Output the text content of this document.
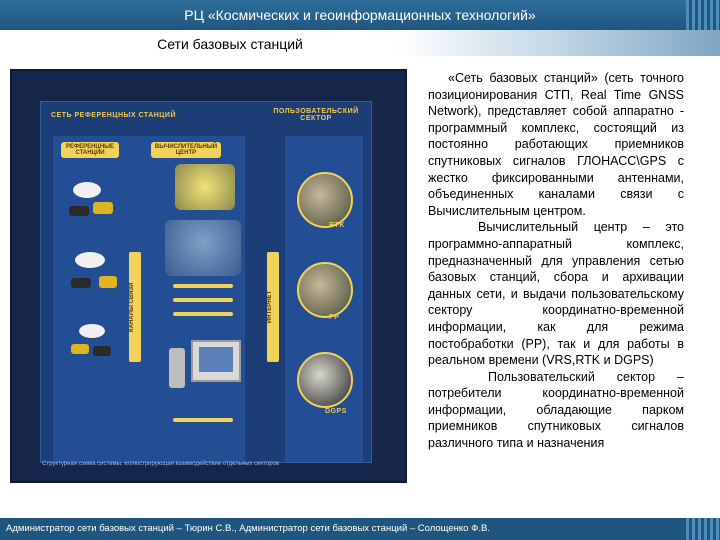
РЦ «Космических и геоинформационных технологий»
Сети базовых станций
СЕТЬ РЕФЕРЕНЦНЫХ СТАНЦИЙ
ПОЛЬЗОВАТЕЛЬСКИЙ СЕКТОР
РЕФЕРЕНЦНЫЕ СТАНЦИИ
ВЫЧИСЛИТЕЛЬНЫЙ ЦЕНТР
КАНАЛЫ СВЯЗИ	ИНТЕРНЕТ
RTK
PP
DGPS
Структурная схема системы, иллюстрирующая взаимодействие отдельных секторов

«Сеть базовых станций» (сеть точного позиционирования СТП, Real Time GNSS Network), представляет собой аппаратно - программный комплекс, состоящий из постоянно работающих приемников спутниковых сигналов ГЛОНАСС\GPS с жестко фиксированными антеннами, объединенных каналами связи с Вычислительным центром.

Вычислительный центр – это программно-аппаратный комплекс, предназначенный для управления сетью базовых станций, сбора и архивации данных сети, и выдачи пользовательскому сектору координатно-временной информации, как для режима постобработки (РР), так и для работы в реальном времени (VRS,RTK и DGPS)

Пользовательский сектор – потребители координатно-временной информации, обладающие парком приемников спутниковых сигналов различного типа и назначения

Администратор сети базовых станций – Тюрин С.В., Администратор сети базовых станций – Солощенко Ф.В.
